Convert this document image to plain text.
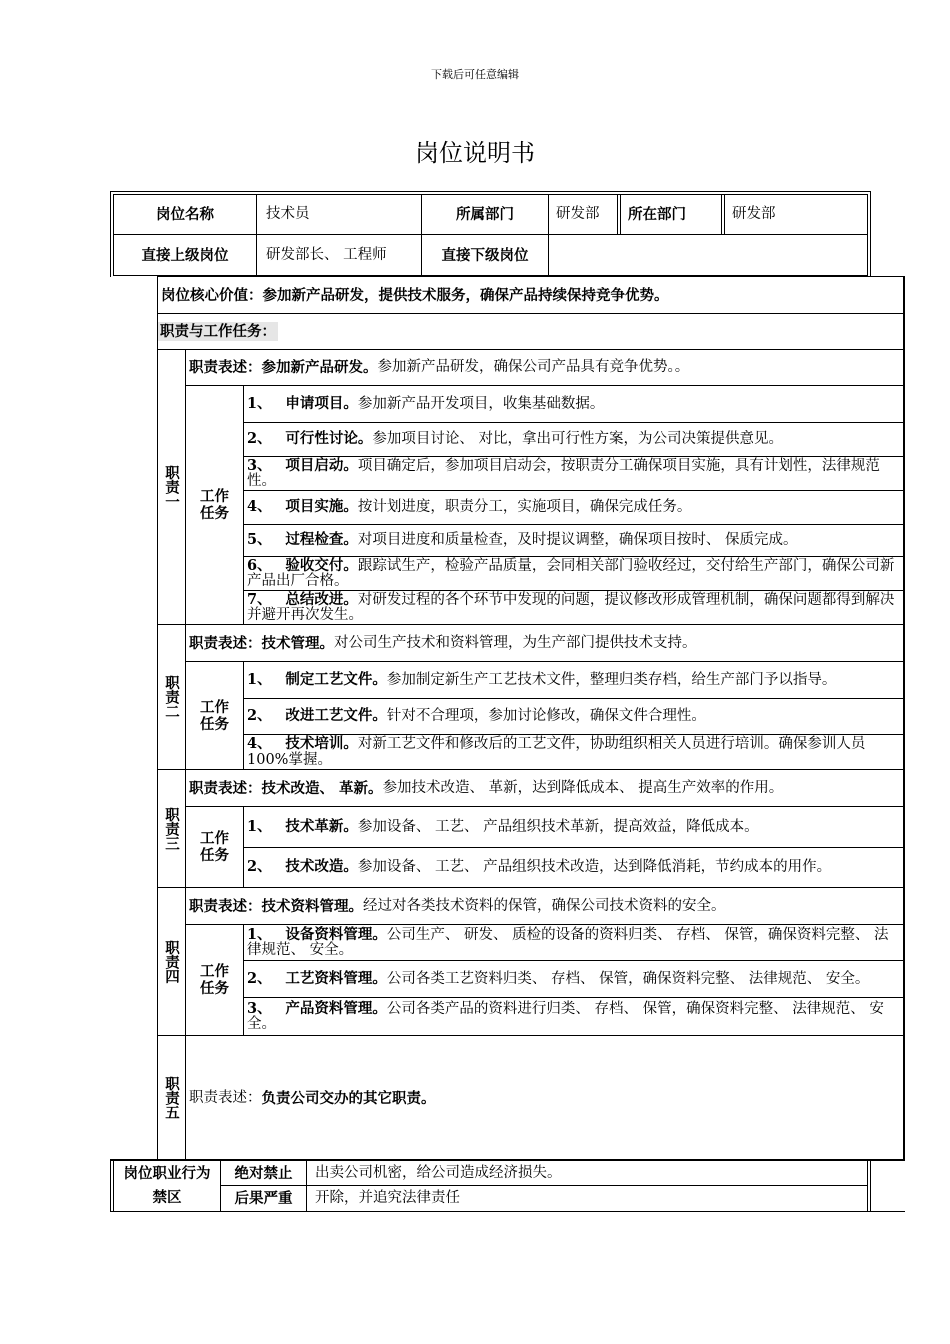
下载后可任意编辑
岗位说明书
岗位名称	技术员	所属部门	研发部	所在部门	研发部
直接上级岗位	研发部长、 工程师	直接下级岗位
岗位核心价值：参加新产品研发，提供技术服务，确保产品持续保持竞争优势。
职责与工作任务：
职责一
职责表述：参加新产品研发。 参加新产品研发，确保公司产品具有竞争优势。。
工作任务
1、 申请项目。参加新产品开发项目，收集基础数据。
2、 可行性讨论。参加项目讨论、 对比，拿出可行性方案，为公司决策提供意见。
3、 项目启动。项目确定后，参加项目启动会，按职责分工确保项目实施，具有计划性，法律规范性。
4、 项目实施。按计划进度，职责分工，实施项目，确保完成任务。
5、 过程检查。对项目进度和质量检查，及时提议调整，确保项目按时、 保质完成。
6、 验收交付。跟踪试生产，检验产品质量，会同相关部门验收经过，交付给生产部门，确保公司新产品出厂合格。
7、 总结改进。对研发过程的各个环节中发现的问题，提议修改形成管理机制，确保问题都得到解决并避开再次发生。
职责二
职责表述：技术管理。 对公司生产技术和资料管理，为生产部门提供技术支持。
工作任务
1、 制定工艺文件。参加制定新生产工艺技术文件，整理归类存档，给生产部门予以指导。
2、 改进工艺文件。针对不合理项，参加讨论修改，确保文件合理性。
4、 技术培训。对新工艺文件和修改后的工艺文件，协助组织相关人员进行培训。确保参训人员 100%掌握。
职责三
职责表述：技术改造、 革新。 参加技术改造、 革新，达到降低成本、 提高生产效率的作用。
工作任务
1、 技术革新。参加设备、 工艺、 产品组织技术革新，提高效益，降低成本。
2、 技术改造。参加设备、 工艺、 产品组织技术改造，达到降低消耗，节约成本的用作。
职责四
职责表述：技术资料管理。 经过对各类技术资料的保管，确保公司技术资料的安全。
工作任务
1、 设备资料管理。公司生产、 研发、 质检的设备的资料归类、 存档、 保管，确保资料完整、 法律规范、 安全。
2、 工艺资料管理。公司各类工艺资料归类、 存档、 保管，确保资料完整、 法律规范、 安全。
3、 产品资料管理。公司各类产品的资料进行归类、 存档、 保管，确保资料完整、 法律规范、 安全。
职责五 职责表述： 负责公司交办的其它职责。
岗位职业行为禁区
绝对禁止	出卖公司机密，给公司造成经济损失。
后果严重	开除，并追究法律责任
